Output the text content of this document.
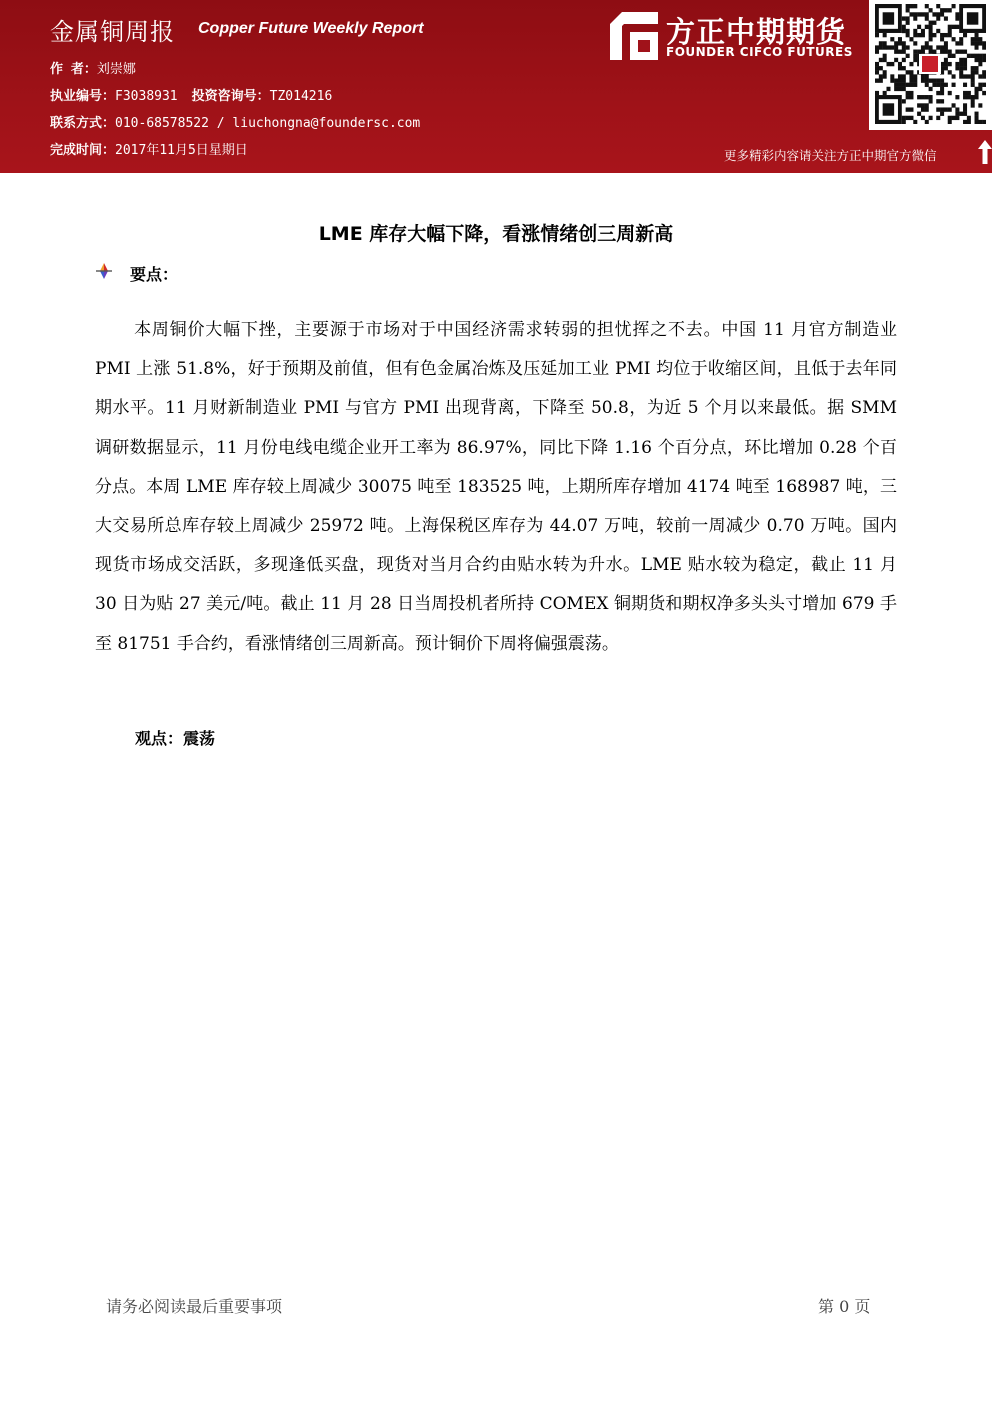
金属铜周报 Copper Future Weekly Report
作 者：刘崇娜
执业编号：F3038931 投资咨询号：TZ014216
联系方式：010-68578522 / liuchongna@foundersc.com
完成时间：2017年11月5日星期日
方正中期期货
FOUNDER CIFCO FUTURES
更多精彩内容请关注方正中期官方微信
LME 库存大幅下降，看涨情绪创三周新高
要点：

本周铜价大幅下挫，主要源于市场对于中国经济需求转弱的担忧挥之不去。中国 11 月官方制造业 PMI 上涨 51.8%，好于预期及前值，但有色金属冶炼及压延加工业 PMI 均位于收缩区间，且低于去年同期水平。11 月财新制造业 PMI 与官方 PMI 出现背离，下降至 50.8，为近 5 个月以来最低。据 SMM 调研数据显示，11 月份电线电缆企业开工率为 86.97%，同比下降 1.16 个百分点，环比增加 0.28 个百分点。本周 LME 库存较上周减少 30075 吨至 183525 吨，上期所库存增加 4174 吨至 168987 吨，三大交易所总库存较上周减少 25972 吨。上海保税区库存为 44.07 万吨，较前一周减少 0.70 万吨。国内现货市场成交活跃，多现逢低买盘，现货对当月合约由贴水转为升水。LME 贴水较为稳定，截止 11 月 30 日为贴 27 美元/吨。截止 11 月 28 日当周投机者所持 COMEX 铜期货和期权净多头头寸增加 679 手至 81751 手合约，看涨情绪创三周新高。预计铜价下周将偏强震荡。

观点：震荡
请务必阅读最后重要事项	第 0 页
